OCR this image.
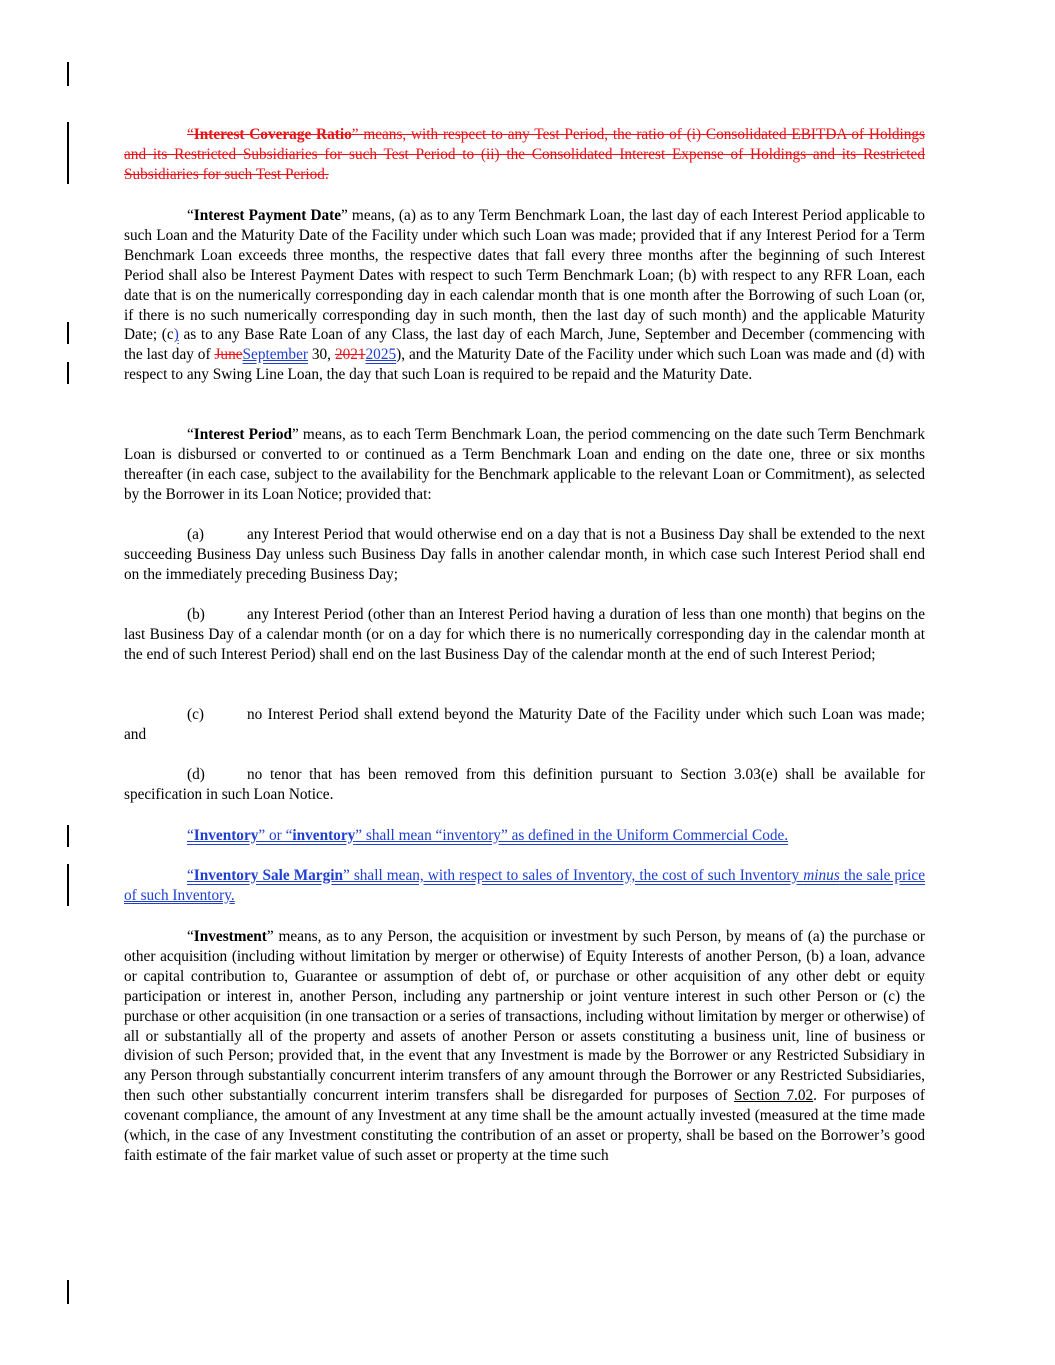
“Interest Coverage Ratio” means, with respect to any Test Period, the ratio of (i) Consolidated EBITDA of Holdings and its Restricted Subsidiaries for such Test Period to (ii) the Consolidated Interest Expense of Holdings and its Restricted Subsidiaries for such Test Period.
“Interest Payment Date” means, (a) as to any Term Benchmark Loan, the last day of each Interest Period applicable to such Loan and the Maturity Date of the Facility under which such Loan was made; provided that if any Interest Period for a Term Benchmark Loan exceeds three months, the respective dates that fall every three months after the beginning of such Interest Period shall also be Interest Payment Dates with respect to such Term Benchmark Loan; (b) with respect to any RFR Loan, each date that is on the numerically corresponding day in each calendar month that is one month after the Borrowing of such Loan (or, if there is no such numerically corresponding day in such month, then the last day of such month) and the applicable Maturity Date; (c) as to any Base Rate Loan of any Class, the last day of each March, June, September and December (commencing with the last day of JuneSeptember 30, 20212025), and the Maturity Date of the Facility under which such Loan was made and (d) with respect to any Swing Line Loan, the day that such Loan is required to be repaid and the Maturity Date.
“Interest Period” means, as to each Term Benchmark Loan, the period commencing on the date such Term Benchmark Loan is disbursed or converted to or continued as a Term Benchmark Loan and ending on the date one, three or six months thereafter (in each case, subject to the availability for the Benchmark applicable to the relevant Loan or Commitment), as selected by the Borrower in its Loan Notice; provided that:
(a)	any Interest Period that would otherwise end on a day that is not a Business Day shall be extended to the next succeeding Business Day unless such Business Day falls in another calendar month, in which case such Interest Period shall end on the immediately preceding Business Day;
(b)	any Interest Period (other than an Interest Period having a duration of less than one month) that begins on the last Business Day of a calendar month (or on a day for which there is no numerically corresponding day in the calendar month at the end of such Interest Period) shall end on the last Business Day of the calendar month at the end of such Interest Period;
(c)	no Interest Period shall extend beyond the Maturity Date of the Facility under which such Loan was made; and
(d)	no tenor that has been removed from this definition pursuant to Section 3.03(e) shall be available for specification in such Loan Notice.
“Inventory” or “inventory” shall mean “inventory” as defined in the Uniform Commercial Code.
“Inventory Sale Margin” shall mean, with respect to sales of Inventory, the cost of such Inventory minus the sale price of such Inventory.
“Investment” means, as to any Person, the acquisition or investment by such Person, by means of (a) the purchase or other acquisition (including without limitation by merger or otherwise) of Equity Interests of another Person, (b) a loan, advance or capital contribution to, Guarantee or assumption of debt of, or purchase or other acquisition of any other debt or equity participation or interest in, another Person, including any partnership or joint venture interest in such other Person or (c) the purchase or other acquisition (in one transaction or a series of transactions, including without limitation by merger or otherwise) of all or substantially all of the property and assets of another Person or assets constituting a business unit, line of business or division of such Person; provided that, in the event that any Investment is made by the Borrower or any Restricted Subsidiary in any Person through substantially concurrent interim transfers of any amount through the Borrower or any Restricted Subsidiaries, then such other substantially concurrent interim transfers shall be disregarded for purposes of Section 7.02. For purposes of covenant compliance, the amount of any Investment at any time shall be the amount actually invested (measured at the time made (which, in the case of any Investment constituting the contribution of an asset or property, shall be based on the Borrower’s good faith estimate of the fair market value of such asset or property at the time such
